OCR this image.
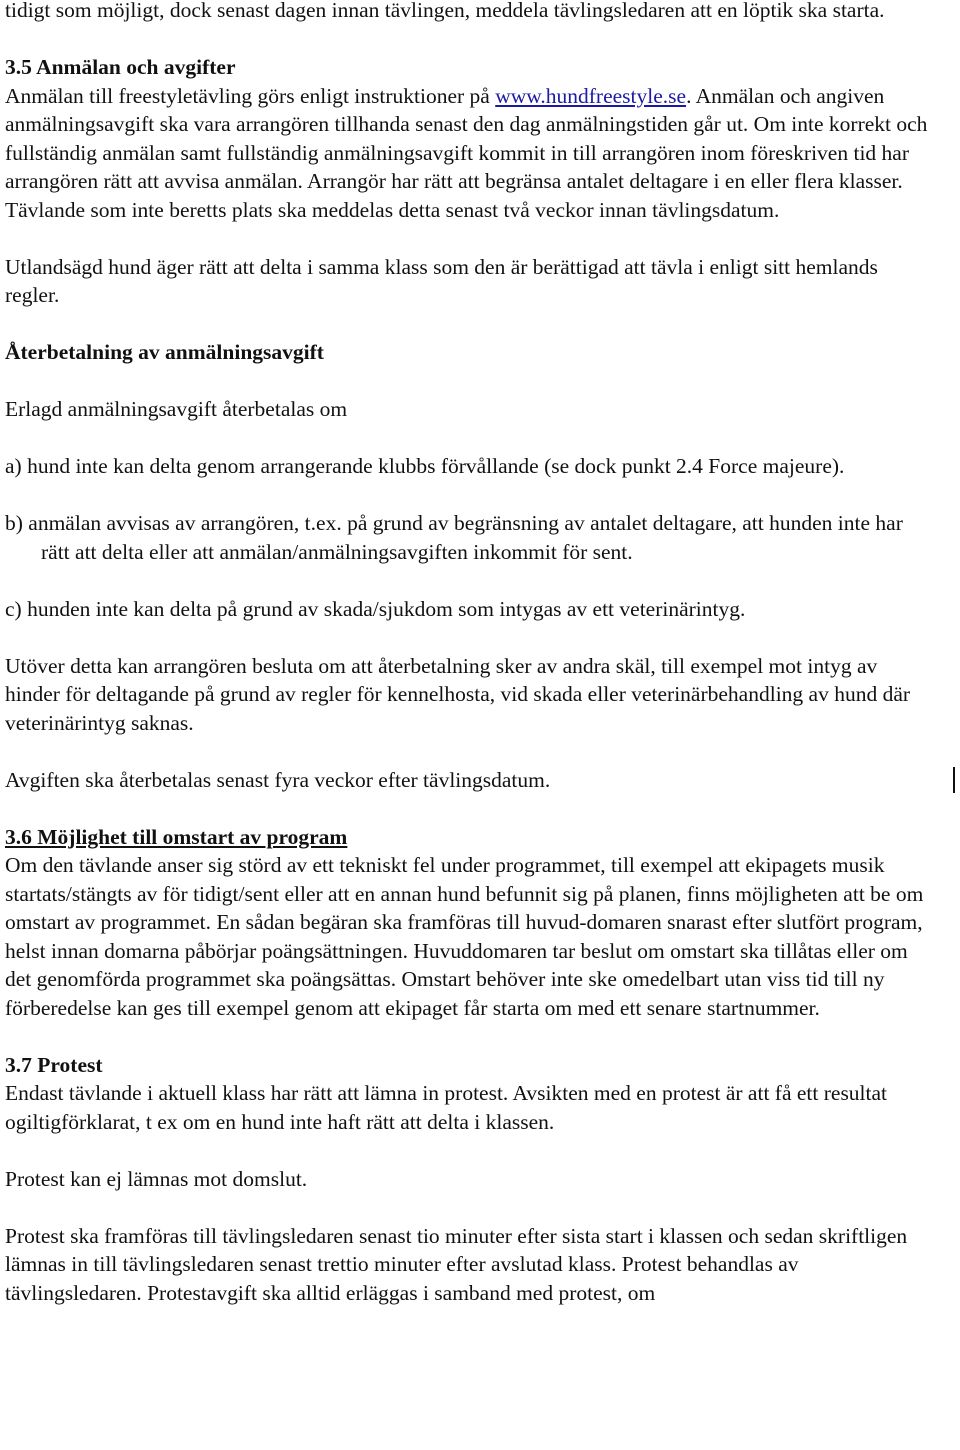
tidigt som möjligt, dock senast dagen innan tävlingen, meddela tävlingsledaren att en löptik ska starta.

3.5 Anmälan och avgifter

Anmälan till freestyletävling görs enligt instruktioner på www.hundfreestyle.se. Anmälan och angiven anmälningsavgift ska vara arrangören tillhanda senast den dag anmälningstiden går ut. Om inte korrekt och fullständig anmälan samt fullständig anmälningsavgift kommit in till arrangören inom föreskriven tid har arrangören rätt att avvisa anmälan. Arrangör har rätt att begränsa antalet deltagare i en eller flera klasser. Tävlande som inte beretts plats ska meddelas detta senast två veckor innan tävlingsdatum.

Utlandsägd hund äger rätt att delta i samma klass som den är berättigad att tävla i enligt sitt hemlands regler.

Återbetalning av anmälningsavgift

Erlagd anmälningsavgift återbetalas om

a) hund inte kan delta genom arrangerande klubbs förvållande (se dock punkt 2.4 Force majeure).

b) anmälan avvisas av arrangören, t.ex. på grund av begränsning av antalet deltagare, att hunden inte har rätt att delta eller att anmälan/anmälningsavgiften inkommit för sent.

c) hunden inte kan delta på grund av skada/sjukdom som intygas av ett veterinärintyg.

Utöver detta kan arrangören besluta om att återbetalning sker av andra skäl, till exempel mot intyg av hinder för deltagande på grund av regler för kennelhosta, vid skada eller veterinärbehandling av hund där veterinärintyg saknas.

Avgiften ska återbetalas senast fyra veckor efter tävlingsdatum.

3.6 Möjlighet till omstart av program

Om den tävlande anser sig störd av ett tekniskt fel under programmet, till exempel att ekipagets musik startats/stängts av för tidigt/sent eller att en annan hund befunnit sig på planen, finns möjligheten att be om omstart av programmet. En sådan begäran ska framföras till huvud-domaren snarast efter slutfört program, helst innan domarna påbörjar poängsättningen. Huvuddomaren tar beslut om omstart ska tillåtas eller om det genomförda programmet ska poängsättas. Omstart behöver inte ske omedelbart utan viss tid till ny förberedelse kan ges till exempel genom att ekipaget får starta om med ett senare startnummer.

3.7 Protest

Endast tävlande i aktuell klass har rätt att lämna in protest. Avsikten med en protest är att få ett resultat ogiltigförklarat, t ex om en hund inte haft rätt att delta i klassen.

Protest kan ej lämnas mot domslut.

Protest ska framföras till tävlingsledaren senast tio minuter efter sista start i klassen och sedan skriftligen lämnas in till tävlingsledaren senast trettio minuter efter avslutad klass. Protest behandlas av tävlingsledaren. Protestavgift ska alltid erläggas i samband med protest, om
